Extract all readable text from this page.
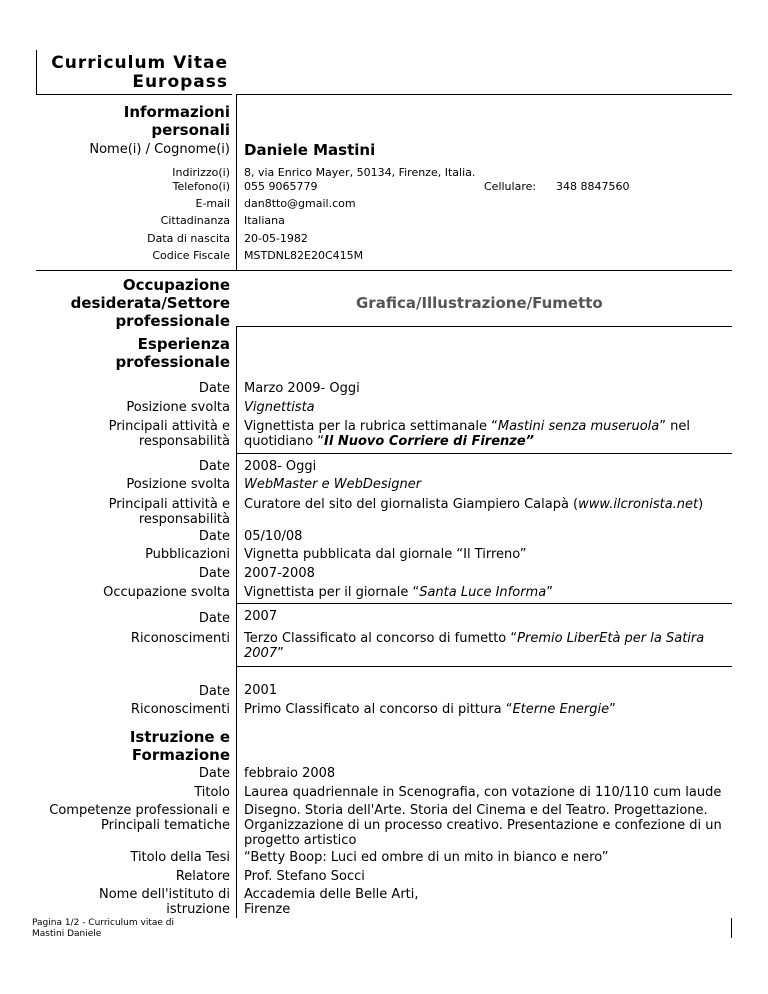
Curriculum Vitae
Europass
Informazioni
personali
Nome(i) / Cognome(i) Daniele Mastini
Indirizzo(i) 8, via Enrico Mayer, 50134, Firenze, Italia.
Telefono(i) 055 9065779	Cellulare: 348 8847560
E-mail dan8tto@gmail.com
Cittadinanza Italiana
Data di nascita 20-05-1982
Codice Fiscale MSTDNL82E20C415M
Occupazione
desiderata/Settore
professionale
Grafica/Illustrazione/Fumetto
Esperienza
professionale
Date Marzo 2009- Oggi
Posizione svolta Vignettista
Principali attività e
responsabilità
Vignettista per la rubrica settimanale “Mastini senza museruola” nel
quotidiano “Il Nuovo Corriere di Firenze”
Date 2008- Oggi
Posizione svolta WebMaster e WebDesigner
Principali attività e
responsabilità
Curatore del sito del giornalista Giampiero Calapà (www.ilcronista.net)
Date 05/10/08
Pubblicazioni Vignetta pubblicata dal giornale “Il Tirreno”
Date 2007-2008
Occupazione svolta Vignettista per il giornale “Santa Luce Informa”
Date 2007
Riconoscimenti Terzo Classificato al concorso di fumetto “Premio LiberEtà per la Satira
2007”
Date 2001
Riconoscimenti Primo Classificato al concorso di pittura “Eterne Energie”
Istruzione e
Formazione
Date febbraio 2008
Titolo Laurea quadriennale in Scenografia, con votazione di 110/110 cum laude
Competenze professionali e
Principali tematiche
Disegno. Storia dell'Arte. Storia del Cinema e del Teatro. Progettazione.
Organizzazione di un processo creativo. Presentazione e confezione di un
progetto artistico
Titolo della Tesi “Betty Boop: Luci ed ombre di un mito in bianco e nero”
Relatore Prof. Stefano Socci
Nome dell'istituto di
istruzione
Accademia delle Belle Arti,
Firenze
Pagina 1/2 - Curriculum vitae di
Mastini Daniele
